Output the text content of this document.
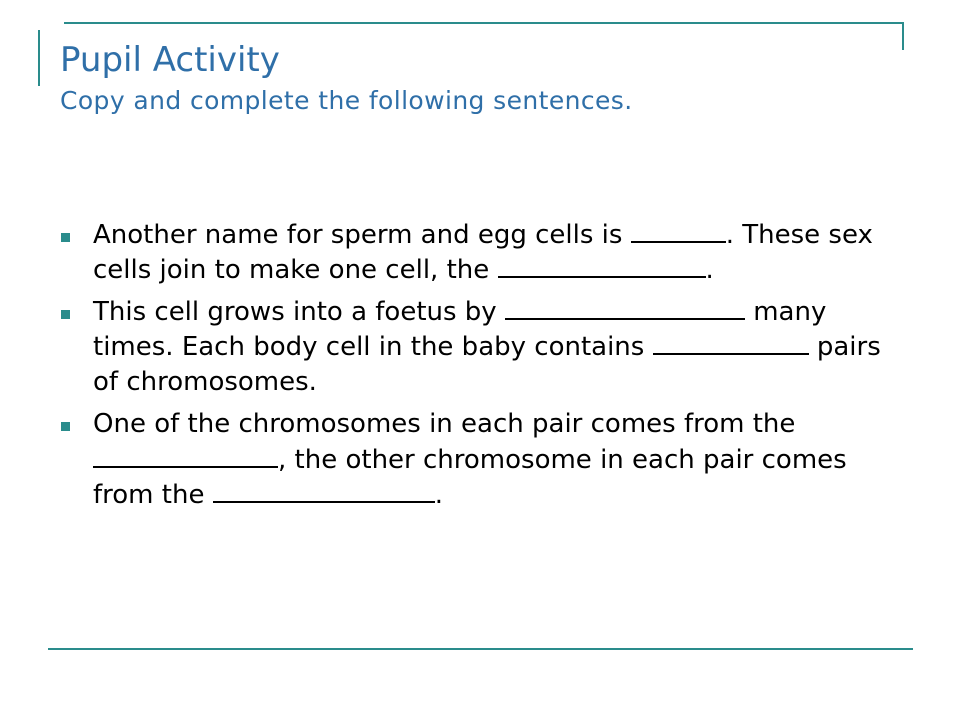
Pupil Activity
Copy and complete the following sentences.
Another name for sperm and egg cells is	. These sex cells join to make one cell, the	.
This cell grows into a foetus by	many times. Each body cell in the baby contains	pairs of chromosomes.
One of the chromosomes in each pair comes from the , the other chromosome in each pair comes from the	.
